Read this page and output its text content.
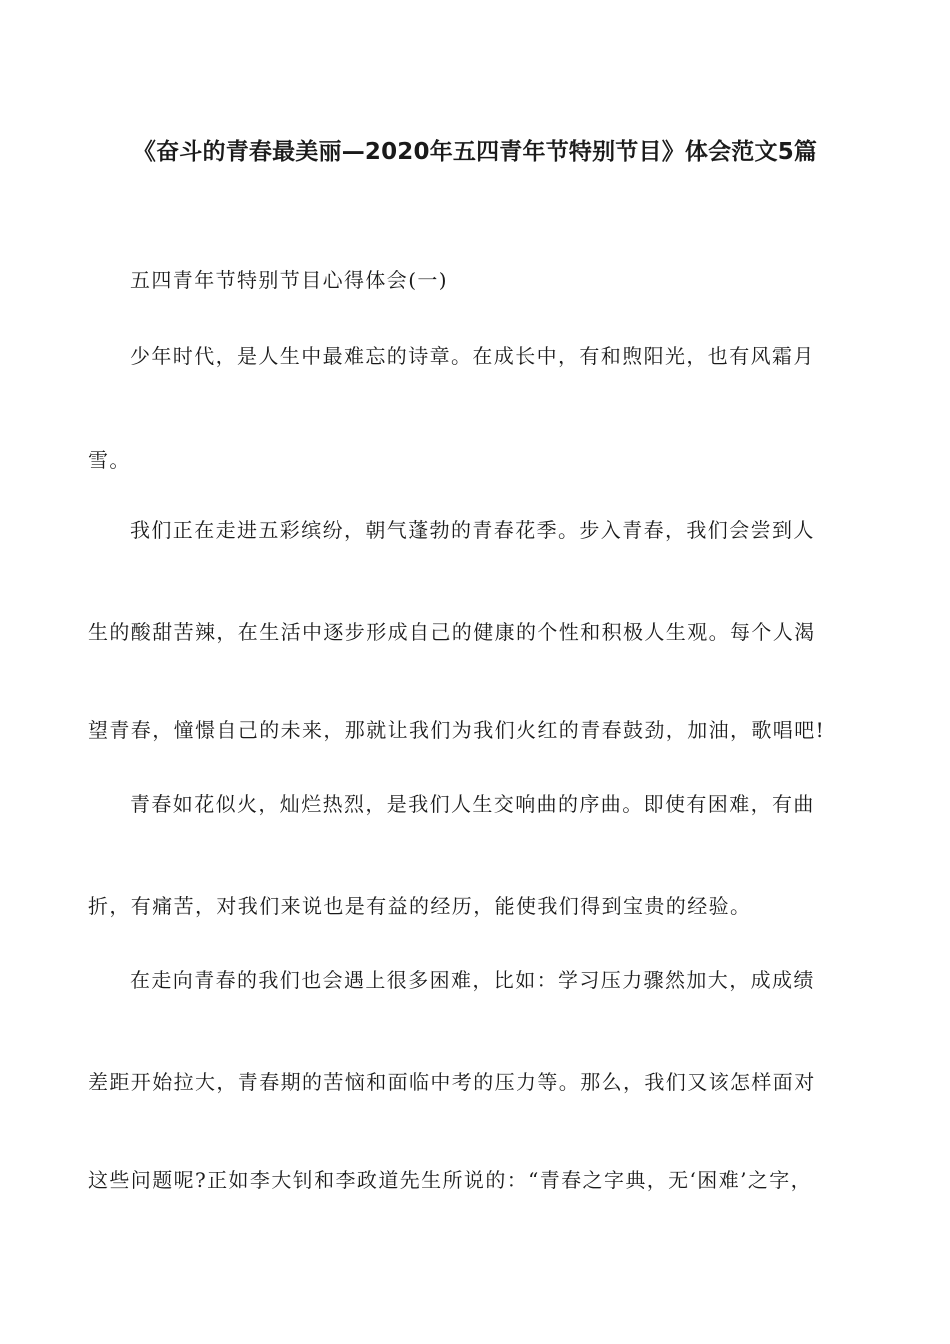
《奋斗的青春最美丽—2020年五四青年节特别节目》体会范文5篇
五四青年节特别节目心得体会(一)
少年时代，是人生中最难忘的诗章。在成长中，有和煦阳光，也有风霜月
雪。
我们正在走进五彩缤纷，朝气蓬勃的青春花季。步入青春，我们会尝到人
生的酸甜苦辣，在生活中逐步形成自己的健康的个性和积极人生观。每个人渴
望青春，憧憬自己的未来，那就让我们为我们火红的青春鼓劲，加油，歌唱吧!
青春如花似火，灿烂热烈，是我们人生交响曲的序曲。即使有困难，有曲
折，有痛苦，对我们来说也是有益的经历，能使我们得到宝贵的经验。
在走向青春的我们也会遇上很多困难，比如：学习压力骤然加大，成成绩
差距开始拉大，青春期的苦恼和面临中考的压力等。那么，我们又该怎样面对
这些问题呢?正如李大钊和李政道先生所说的：“青春之字典，无‘困难’之字，
